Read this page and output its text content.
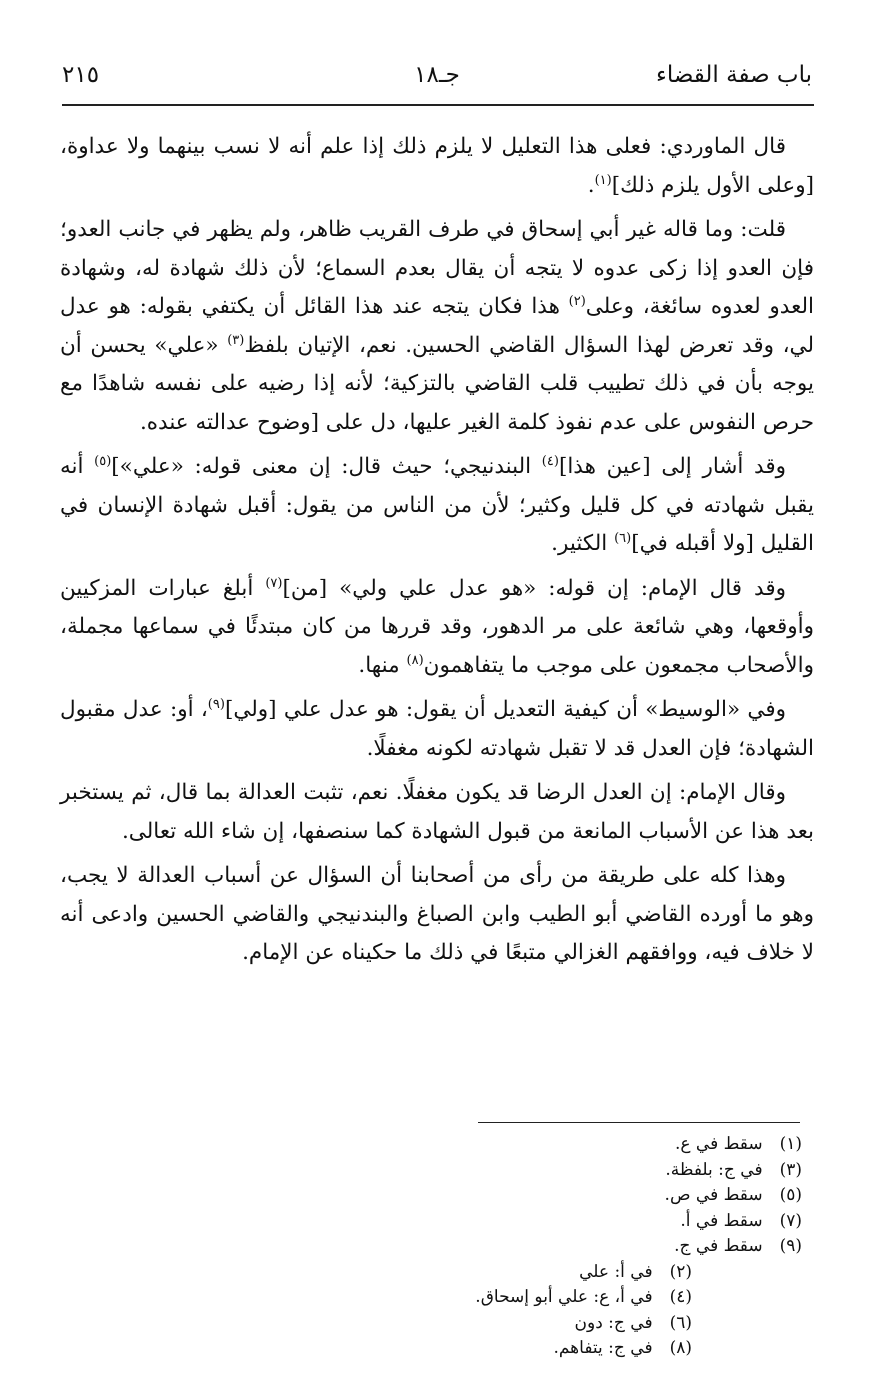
باب صفة القضاء
جـ١٨
٢١٥

قال الماوردي: فعلى هذا التعليل لا يلزم ذلك إذا علم أنه لا نسب بينهما ولا عداوة، [وعلى الأول يلزم ذلك]$^{(١)}$.

قلت: وما قاله غير أبي إسحاق في طرف القريب ظاهر، ولم يظهر في جانب العدو؛ فإن العدو إذا زكى عدوه لا يتجه أن يقال بعدم السماع؛ لأن ذلك شهادة له، وشهادة العدو لعدوه سائغة، وعلى$^{(٢)}$ هذا فكان يتجه عند هذا القائل أن يكتفي بقوله: هو عدل لي، وقد تعرض لهذا السؤال القاضي الحسين. نعم، الإتيان بلفظ$^{(٣)}$ «علي» يحسن أن يوجه بأن في ذلك تطييب قلب القاضي بالتزكية؛ لأنه إذا رضيه على نفسه شاهدًا مع حرص النفوس على عدم نفوذ كلمة الغير عليها، دل على [وضوح عدالته عنده.

وقد أشار إلى [عين هذا]$^{(٤)}$ البندنيجي؛ حيث قال: إن معنى قوله: «علي»]$^{(٥)}$ أنه يقبل شهادته في كل قليل وكثير؛ لأن من الناس من يقول: أقبل شهادة الإنسان في القليل [ولا أقبله في]$^{(٦)}$ الكثير.

وقد قال الإمام: إن قوله: «هو عدل علي ولي» [من]$^{(٧)}$ أبلغ عبارات المزكيين وأوقعها، وهي شائعة على مر الدهور، وقد قررها من كان مبتدئًا في سماعها مجملة، والأصحاب مجمعون على موجب ما يتفاهمون$^{(٨)}$ منها.

وفي «الوسيط» أن كيفية التعديل أن يقول: هو عدل علي [ولي]$^{(٩)}$، أو: عدل مقبول الشهادة؛ فإن العدل قد لا تقبل شهادته لكونه مغفلًا.

وقال الإمام: إن العدل الرضا قد يكون مغفلًا. نعم، تثبت العدالة بما قال، ثم يستخبر بعد هذا عن الأسباب المانعة من قبول الشهادة كما سنصفها، إن شاء الله تعالى.

وهذا كله على طريقة من رأى من أصحابنا أن السؤال عن أسباب العدالة لا يجب، وهو ما أورده القاضي أبو الطيب وابن الصباغ والبندنيجي والقاضي الحسين وادعى أنه لا خلاف فيه، ووافقهم الغزالي متبعًا في ذلك ما حكيناه عن الإمام.

(١) سقط في ع.
(٣) في ج: بلفظة.
(٥) سقط في ص.
(٧) سقط في أ.
(٩) سقط في ج.
(٢) في أ: علي
(٤) في أ، ع: علي أبو إسحاق.
(٦) في ج: دون
(٨) في ج: يتفاهم.
